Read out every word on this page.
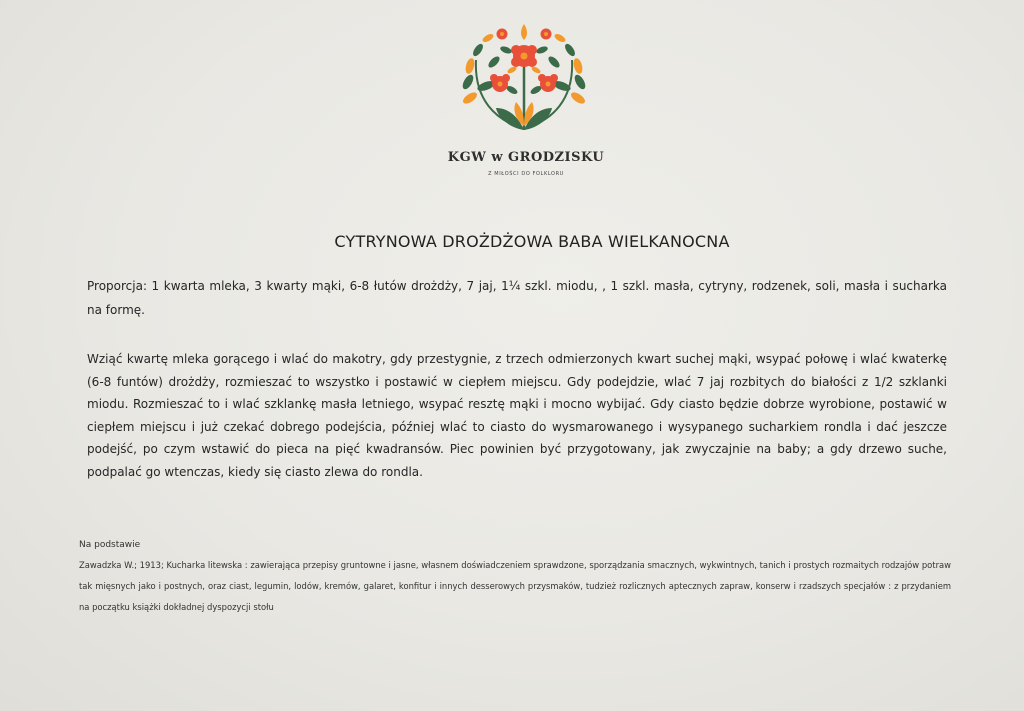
KGW w GRODZISKU
Z MIŁOŚCI DO FOLKLORU
CYTRYNOWA DROŻDŻOWA BABA WIELKANOCNA
Proporcja: 1 kwarta mleka, 3 kwarty mąki, 6-8 łutów drożdży, 7 jaj, 1¼ szkl. miodu, , 1 szkl. masła, cytryny, rodzenek, soli, masła i sucharka na formę.
Wziąć kwartę mleka gorącego i wlać do makotry, gdy przestygnie, z trzech odmierzonych kwart suchej mąki, wsypać połowę i wlać kwaterkę (6-8 funtów) drożdży, rozmieszać to wszystko i postawić w ciepłem miejscu. Gdy podejdzie, wlać 7 jaj rozbitych do białości z 1/2 szklanki miodu. Rozmieszać to i wlać szklankę masła letniego, wsypać resztę mąki i mocno wybijać. Gdy ciasto będzie dobrze wyrobione, postawić w ciepłem miejscu i już czekać dobrego podejścia, później wlać to ciasto do wysmarowanego i wysypanego sucharkiem rondla i dać jeszcze podejść, po czym wstawić do pieca na pięć kwadransów. Piec powinien być przygotowany, jak zwyczajnie na baby; a gdy drzewo suche, podpalać go wtenczas, kiedy się ciasto zlewa do rondla.
Na podstawie
Zawadzka W.; 1913; Kucharka litewska : zawierająca przepisy gruntowne i jasne, własnem doświadczeniem sprawdzone, sporządzania smacznych, wykwintnych, tanich i prostych rozmaitych rodzajów potraw tak mięsnych jako i postnych, oraz ciast, legumin, lodów, kremów, galaret, konfitur i innych desserowych przysmaków, tudzież rozlicznych aptecznych zapraw, konserw i rzadszych specjałów : z przydaniem na początku książki dokładnej dyspozycji stołu
